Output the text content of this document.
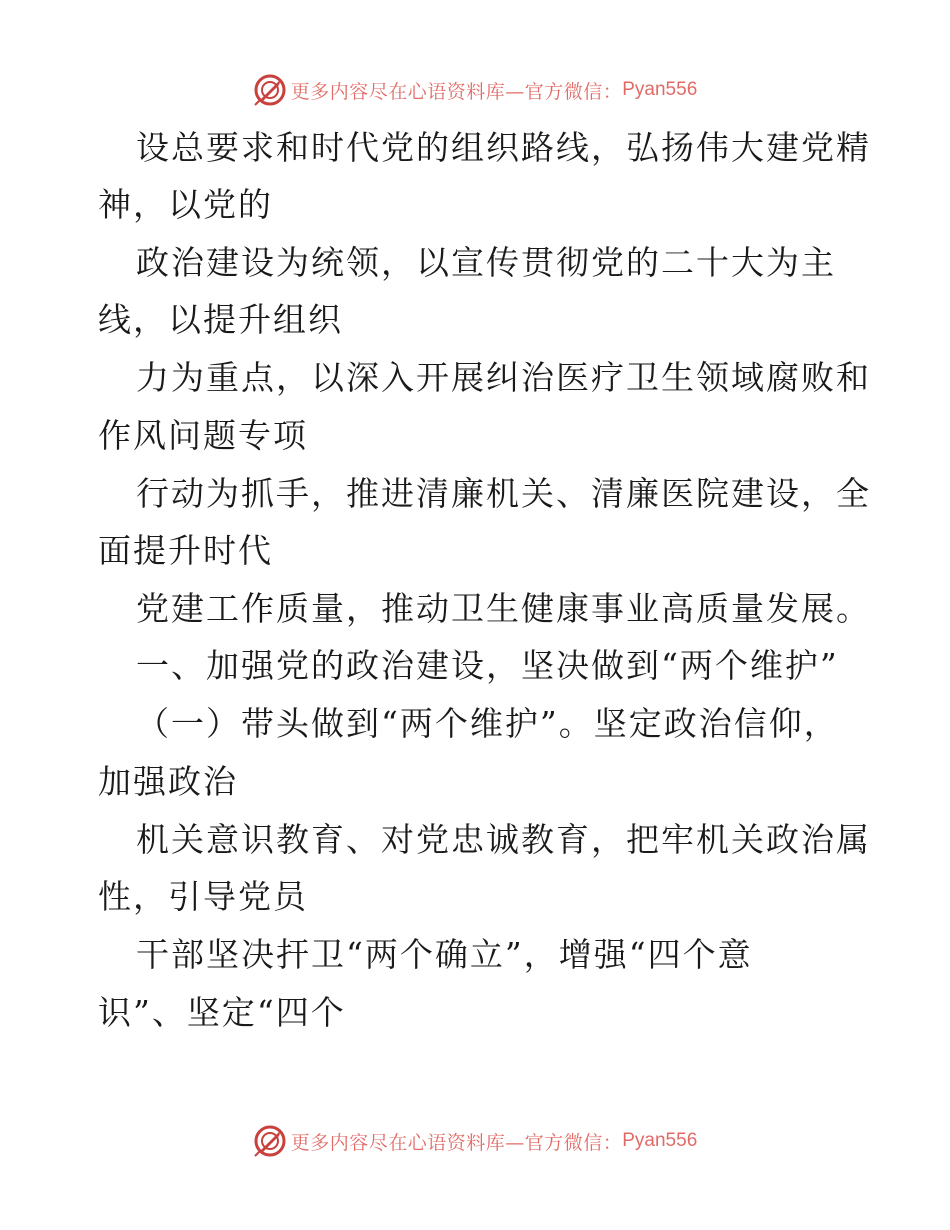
更多内容尽在心语资料库—官方微信： Pyan556
设总要求和时代党的组织路线，弘扬伟大建党精
神，以党的
政治建设为统领，以宣传贯彻党的二十大为主
线，以提升组织
力为重点，以深入开展纠治医疗卫生领域腐败和
作风问题专项
行动为抓手，推进清廉机关、清廉医院建设，全
面提升时代
党建工作质量，推动卫生健康事业高质量发展。
一、加强党的政治建设，坚决做到“两个维护”
（一）带头做到“两个维护”。坚定政治信仰，
加强政治
机关意识教育、对党忠诚教育，把牢机关政治属
性，引导党员
干部坚决扞卫“两个确立”，增强“四个意
识”、坚定“四个
更多内容尽在心语资料库—官方微信： Pyan556
